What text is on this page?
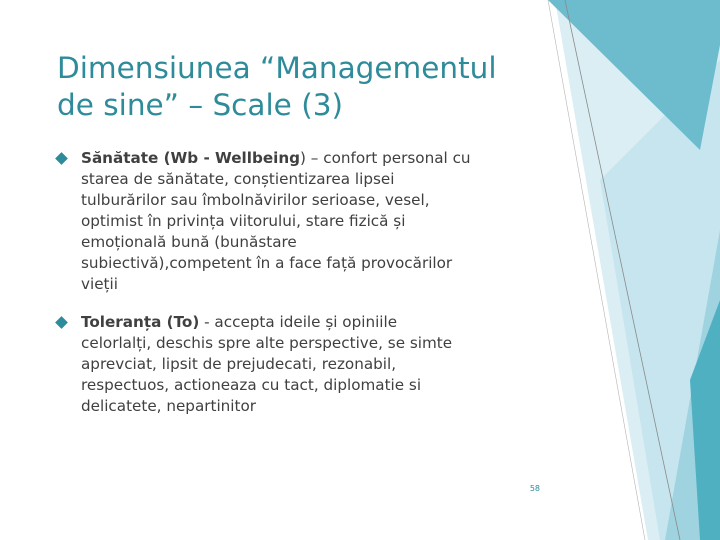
Dimensiunea “Managementul
de sine” – Scale (3)
Sănătate (Wb - Wellbeing) – confort personal cu
starea de sănătate, conștientizarea lipsei
tulburărilor sau îmbolnăvirilor serioase, vesel,
optimist în privința viitorului, stare fizică și
emoțională bună (bunăstare
subiectivă),competent în a face față provocărilor
vieții
Toleranța (To) - accepta ideile și opiniile
celorlalți, deschis spre alte perspective, se simte
aprevciat, lipsit de prejudecati, rezonabil,
respectuos, actioneaza cu tact, diplomatie si
delicatete, nepartinitor
58
